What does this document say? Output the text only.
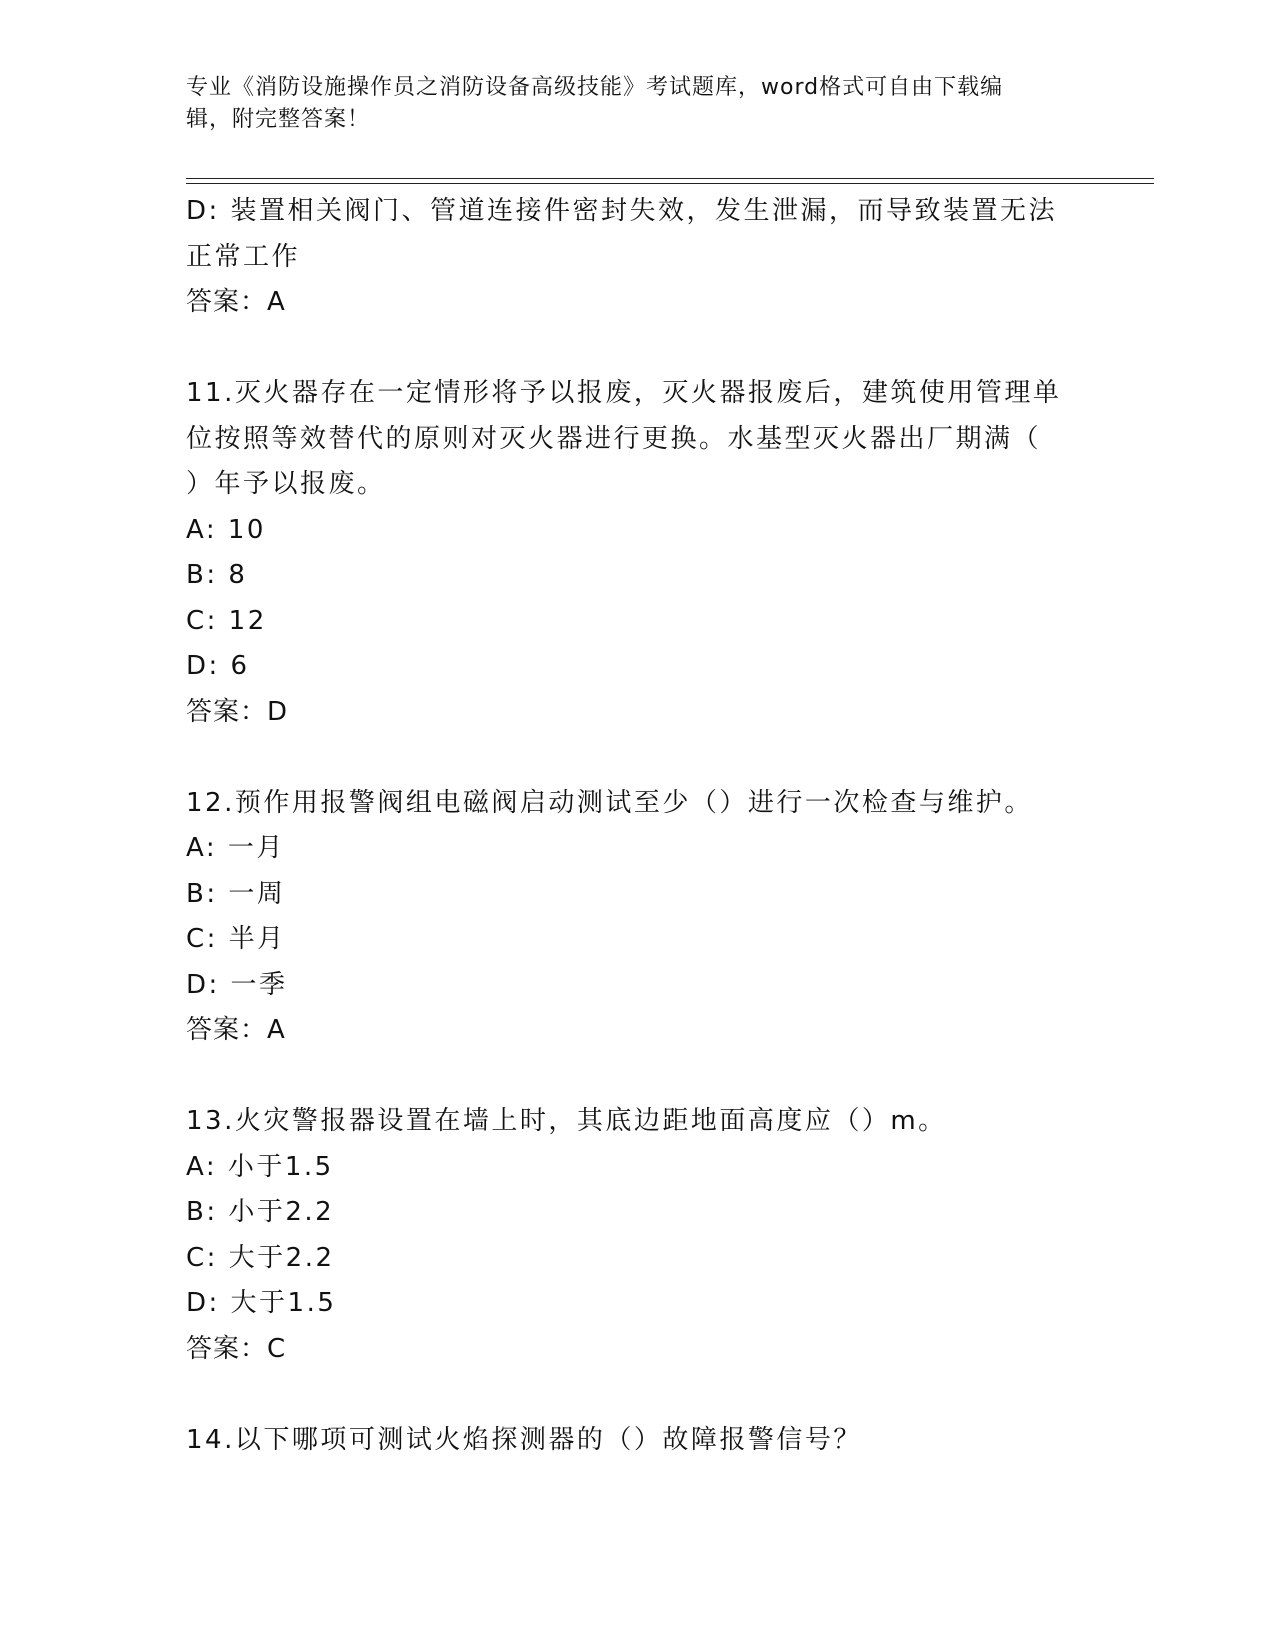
专业《消防设施操作员之消防设备高级技能》考试题库，word格式可自由下载编
辑，附完整答案！
D: 装置相关阀门、管道连接件密封失效，发生泄漏，而导致装置无法
正常工作
答案：A
11.灭火器存在一定情形将予以报废，灭火器报废后，建筑使用管理单
位按照等效替代的原则对灭火器进行更换。水基型灭火器出厂期满（
）年予以报废。
A: 10
B: 8
C: 12
D: 6
答案：D
12.预作用报警阀组电磁阀启动测试至少（）进行一次检查与维护。
A: 一月
B: 一周
C: 半月
D: 一季
答案：A
13.火灾警报器设置在墙上时，其底边距地面高度应（）m。
A: 小于1.5
B: 小于2.2
C: 大于2.2
D: 大于1.5
答案：C
14.以下哪项可测试火焰探测器的（）故障报警信号？
